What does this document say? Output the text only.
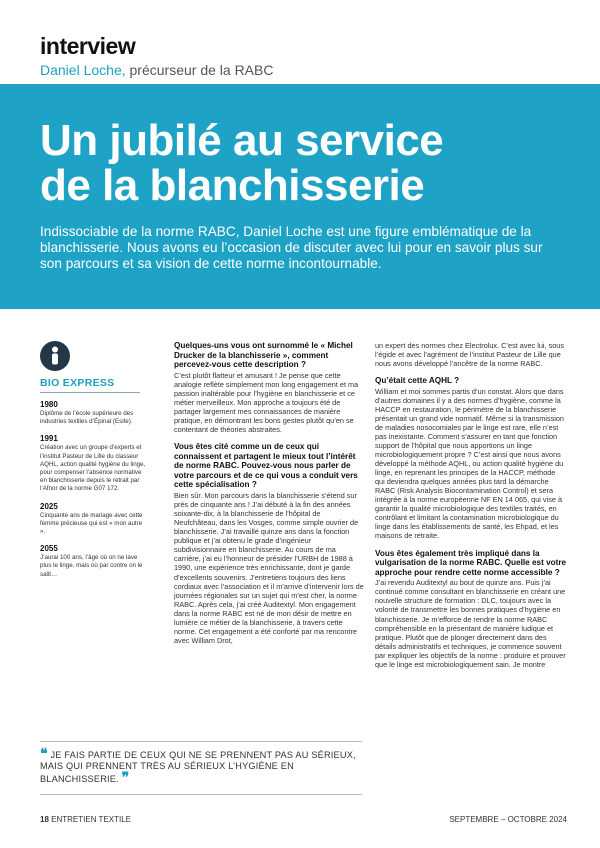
interview
Daniel Loche, précurseur de la RABC
Un jubilé au service
de la blanchisserie
Indissociable de la norme RABC, Daniel Loche est une figure emblématique de la blanchisserie. Nous avons eu l’occasion de discuter avec lui pour en savoir plus sur son parcours et sa vision de cette norme incontournable.
BIO EXPRESS
1980
Diplôme de l’école supérieure des industries textiles d’Épinal (Esite).
1991
Création avec un groupe d’experts et l’institut Pasteur de Lille du classeur AQHL, action qualité hygiène du linge, pour compenser l’absence normative en blanchisserie depuis le retrait par l’Afnor de la norme G07 172.
2025
Cinquante ans de mariage avec cette femme précieuse qui est « mon autre ».
2055
J’aurai 100 ans, l’âge où on ne lave plus le linge, mais où par contre on le salit…
Quelques-uns vous ont surnommé le « Michel Drucker de la blanchisserie », comment percevez-vous cette description ?
C’est plutôt flatteur et amusant ! Je pense que cette analogie reflète simplement mon long engagement et ma passion inaltérable pour l’hygiène en blanchisserie et ce métier merveilleux. Mon approche a toujours été de partager largement mes connaissances de manière pratique, en démontrant les bons gestes plutôt qu’en se contentant de théories abstraites.
Vous êtes cité comme un de ceux qui connaissent et partagent le mieux tout l’intérêt de norme RABC. Pouvez-vous nous parler de votre parcours et de ce qui vous a conduit vers cette spécialisation ?
Bien sûr. Mon parcours dans la blanchisserie s’étend sur près de cinquante ans ! J’ai débuté à la fin des années soixante-dix, à la blanchisserie de l’hôpital de Neufchâteau, dans les Vosges, comme simple ouvrier de blanchisserie. J’ai travaillé quinze ans dans la fonction publique et j’ai obtenu le grade d’ingénieur subdivisionnaire en blanchisserie. Au cours de ma carrière, j’ai eu l’honneur de présider l’URBH de 1988 à 1990, une expérience très enrichissante, dont je garde d’excellents souvenirs. J’entretiens toujours des liens cordiaux avec l’association et il m’arrive d’intervenir lors de journées régionales sur un sujet qui m’est cher, la norme RABC. Après cela, j’ai créé Auditextyl. Mon engagement dans la norme RABC est né de mon désir de mettre en lumière ce métier de la blanchisserie, à travers cette norme. Cet engagement a été conforté par ma rencontre avec William Drot,
un expert des normes chez Electrolux. C’est avec lui, sous l’égide et avec l’agrément de l’institut Pasteur de Lille que nous avons développé l’ancêtre de la norme RABC.
Qu’était cette AQHL ?
William et moi sommes partis d’un constat. Alors que dans d’autres domaines il y a des normes d’hygiène, comme la HACCP en restauration, le périmètre de la blanchisserie présentait un grand vide normatif. Même si la transmission de maladies nosocomiales par le linge est rare, elle n’est pas inexistante. Comment s’assurer en tant que fonction support de l’hôpital que nous apportions un linge microbiologiquement propre ? C’est ainsi que nous avons développé la méthode AQHL, ou action qualité hygiène du linge, en reprenant les principes de la HACCP, méthode qui deviendra quelques années plus tard la démarche RABC (Risk Analysis Biocontamination Control) et sera intégrée à la norme européenne NF EN 14 065, qui vise à garantir la qualité microbiologique des textiles traités, en contrôlant et limitant la contamination microbiologique du linge dans les établissements de santé, les Ehpad, et les maisons de retraite.
Vous êtes également très impliqué dans la vulgarisation de la norme RABC. Quelle est votre approche pour rendre cette norme accessible ?
J’ai revendu Auditextyl au bout de quinze ans. Puis j’ai continué comme consultant en blanchisserie en créant une nouvelle structure de formation : DLC, toujours avec la volonté de transmettre les bonnes pratiques d’hygiène en blanchisserie. Je m’efforce de rendre la norme RABC compréhensible en la présentant de manière ludique et pratique. Plutôt que de plonger directement dans des détails administratifs et techniques, je commence souvent par expliquer les objectifs de la norme : produire et prouver que le linge est microbiologiquement sain. Je montre
❝ JE FAIS PARTIE DE CEUX QUI NE SE PRENNENT PAS AU SÉRIEUX, MAIS QUI PRENNENT TRÈS AU SÉRIEUX L’HYGIÈNE EN BLANCHISSERIE. ❞
18 ENTRETIEN TEXTILE	SEPTEMBRE – OCTOBRE 2024
